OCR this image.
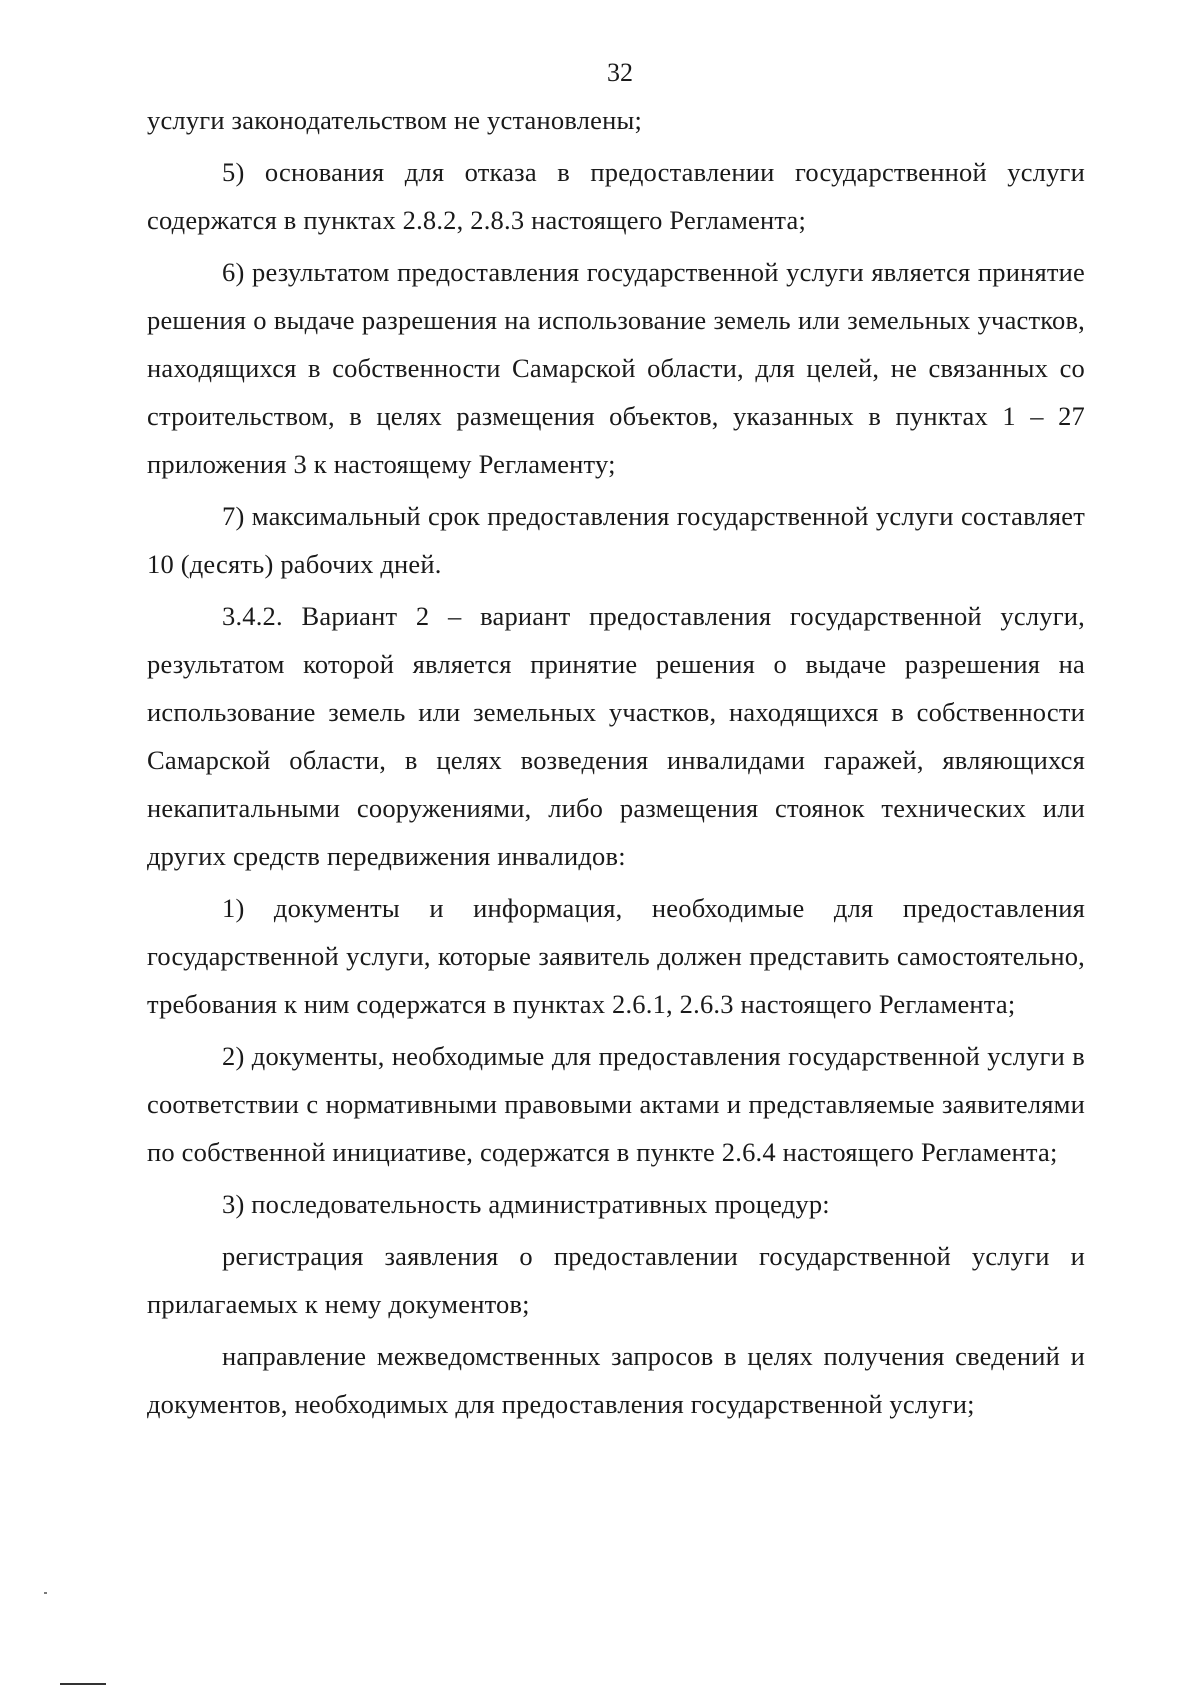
32

услуги законодательством не установлены;

5) основания для отказа в предоставлении государственной услуги содержатся в пунктах 2.8.2, 2.8.3 настоящего Регламента;

6) результатом предоставления государственной услуги является принятие решения о выдаче разрешения на использование земель или земельных участков, находящихся в собственности Самарской области, для целей, не связанных со строительством, в целях размещения объектов, указанных в пунктах 1 – 27 приложения 3 к настоящему Регламенту;

7) максимальный срок предоставления государственной услуги составляет 10 (десять) рабочих дней.

3.4.2. Вариант 2 – вариант предоставления государственной услуги, результатом которой является принятие решения о выдаче разрешения на использование земель или земельных участков, находящихся в собственности Самарской области, в целях возведения инвалидами гаражей, являющихся некапитальными сооружениями, либо размещения стоянок технических или других средств передвижения инвалидов:

1) документы и информация, необходимые для предоставления государственной услуги, которые заявитель должен представить самостоятельно, требования к ним содержатся в пунктах 2.6.1, 2.6.3 настоящего Регламента;

2) документы, необходимые для предоставления государственной услуги в соответствии с нормативными правовыми актами и представляемые заявителями по собственной инициативе, содержатся в пункте 2.6.4 настоящего Регламента;

3) последовательность административных процедур:

регистрация заявления о предоставлении государственной услуги и прилагаемых к нему документов;

направление межведомственных запросов в целях получения сведений и документов, необходимых для предоставления государственной услуги;
